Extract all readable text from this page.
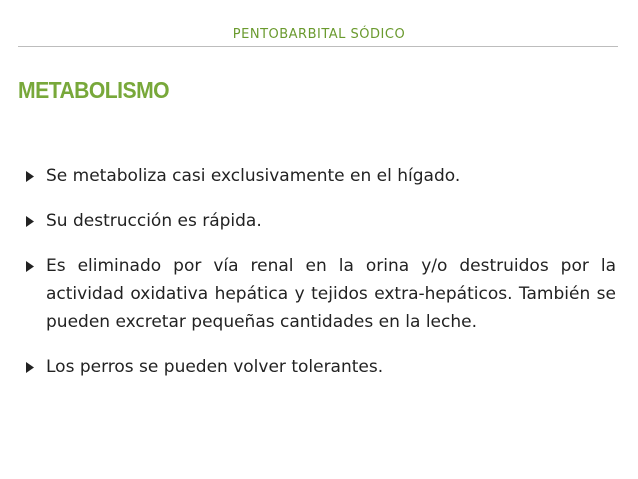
PENTOBARBITAL SÓDICO
METABOLISMO
Se metaboliza casi exclusivamente en el hígado.
Su destrucción es rápida.
Es eliminado por vía renal en la orina y/o destruidos por la actividad oxidativa hepática y tejidos extra-hepáticos. También se pueden excretar pequeñas cantidades en la leche.
Los perros se pueden volver tolerantes.
